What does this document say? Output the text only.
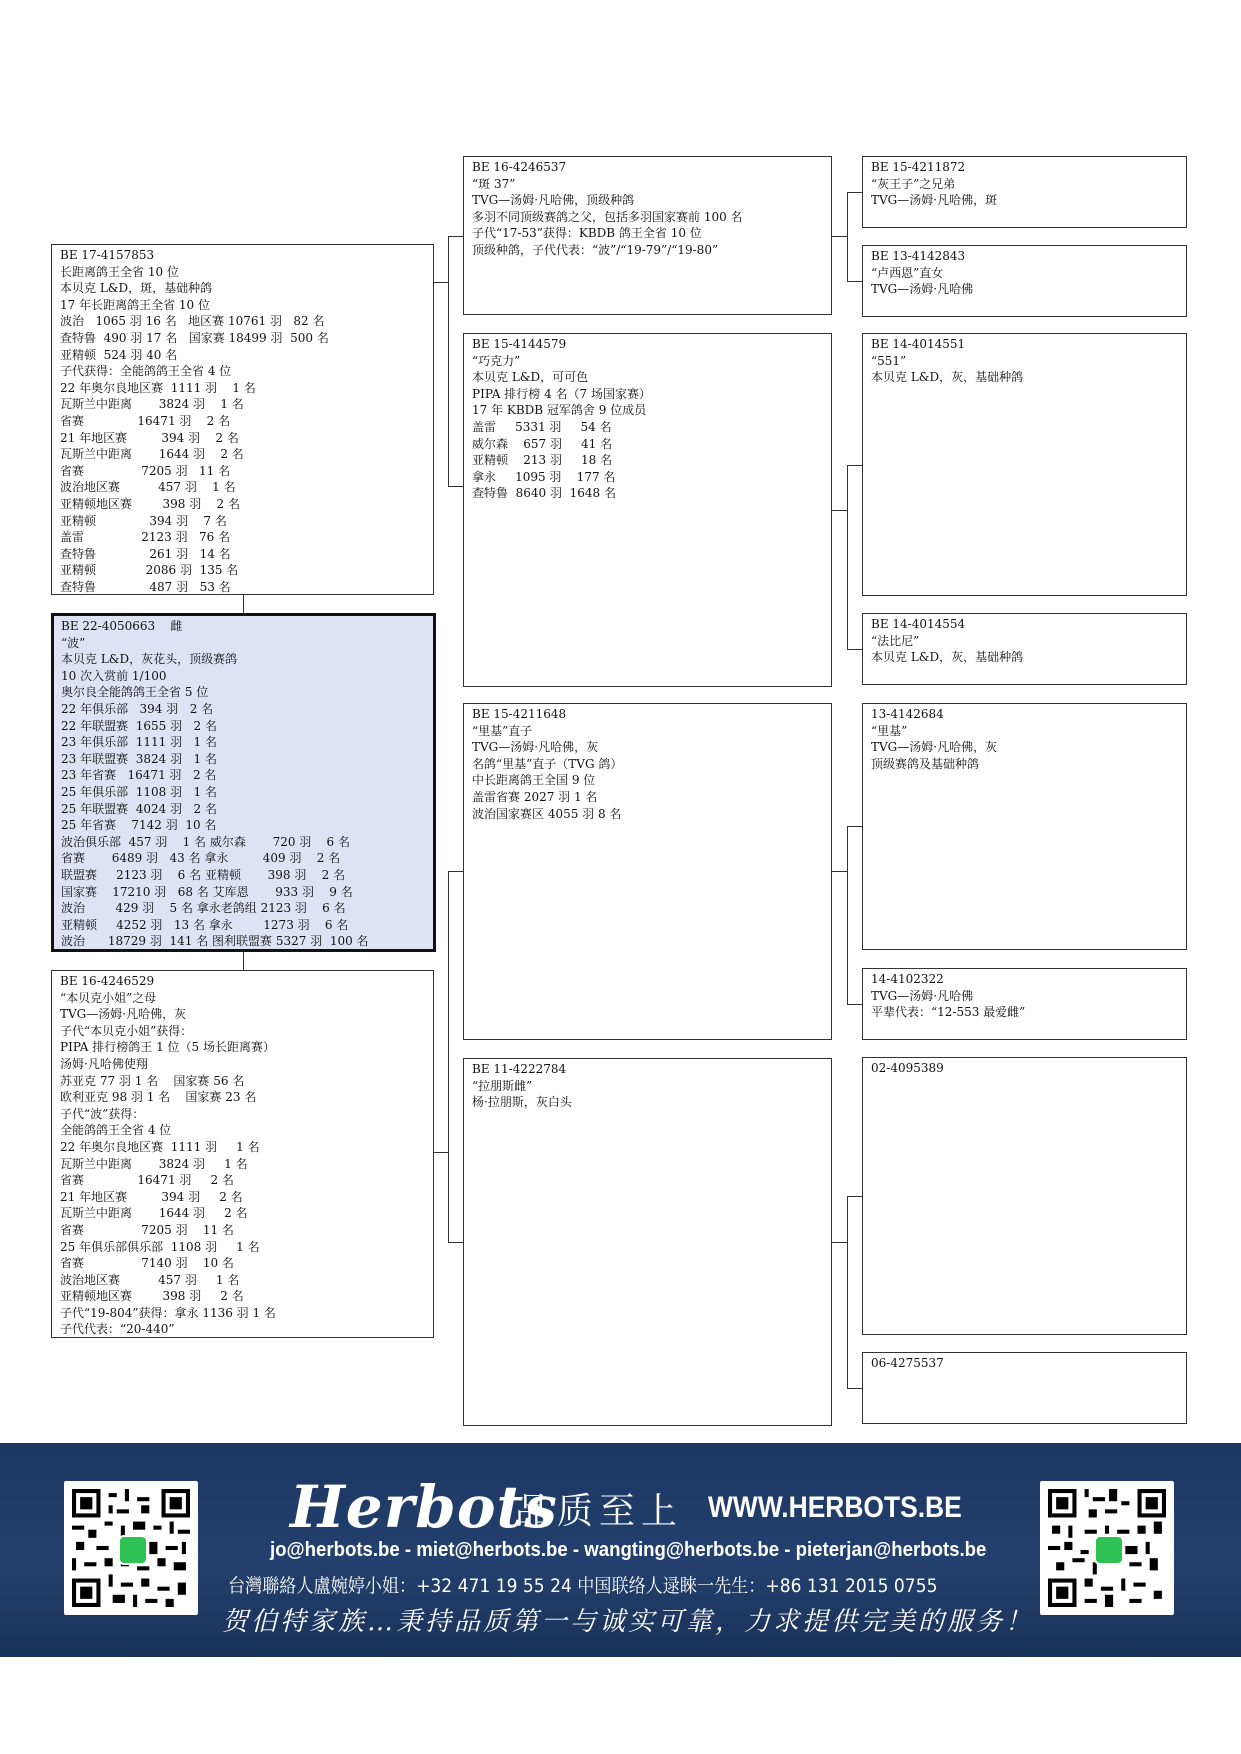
BE 17-4157853
长距离鸽王全省 10 位
本贝克 L&D，斑，基础种鸽
17 年长距离鸽王全省 10 位
波治   1065 羽 16 名   地区赛 10761 羽   82 名
查特鲁  490 羽 17 名   国家赛 18499 羽  500 名
亚精顿  524 羽 40 名
子代获得：全能鸽鸽王全省 4 位
22 年奥尔良地区赛  1111 羽    1 名
瓦斯兰中距离       3824 羽    1 名
省赛              16471 羽    2 名
21 年地区赛         394 羽    2 名
瓦斯兰中距离       1644 羽    2 名
省赛               7205 羽   11 名
波治地区赛          457 羽    1 名
亚精顿地区赛        398 羽    2 名
亚精顿              394 羽    7 名
盖雷               2123 羽   76 名
查特鲁              261 羽   14 名
亚精顿             2086 羽  135 名
查特鲁              487 羽   53 名
BE 22-4050663    雌
“波”
本贝克 L&D，灰花头，顶级赛鸽
10 次入赏前 1/100
奥尔良全能鸽鸽王全省 5 位
22 年俱乐部   394 羽   2 名
22 年联盟赛  1655 羽   2 名
23 年俱乐部  1111 羽   1 名
23 年联盟赛  3824 羽   1 名
23 年省赛   16471 羽   2 名
25 年俱乐部  1108 羽   1 名
25 年联盟赛  4024 羽   2 名
25 年省赛    7142 羽  10 名
波治俱乐部  457 羽    1 名 威尔森       720 羽    6 名
省赛       6489 羽   43 名 拿永         409 羽    2 名
联盟赛     2123 羽    6 名 亚精顿       398 羽    2 名
国家赛    17210 羽   68 名 艾库恩       933 羽    9 名
波治        429 羽    5 名 拿永老鸽组 2123 羽    6 名
亚精顿     4252 羽   13 名 拿永        1273 羽    6 名
波治      18729 羽  141 名 图利联盟赛 5327 羽  100 名
BE 16-4246529
“本贝克小姐”之母
TVG—汤姆·凡哈佛，灰
子代“本贝克小姐”获得：
PIPA 排行榜鸽王 1 位（5 场长距离赛）
汤姆·凡哈佛使翔
苏亚克 77 羽 1 名    国家赛 56 名
欧利亚克 98 羽 1 名    国家赛 23 名
子代“波”获得：
全能鸽鸽王全省 4 位
22 年奥尔良地区赛  1111 羽     1 名
瓦斯兰中距离       3824 羽     1 名
省赛              16471 羽     2 名
21 年地区赛         394 羽     2 名
瓦斯兰中距离       1644 羽     2 名
省赛               7205 羽    11 名
25 年俱乐部俱乐部  1108 羽     1 名
省赛               7140 羽    10 名
波治地区赛          457 羽     1 名
亚精顿地区赛        398 羽     2 名
子代“19-804”获得：拿永 1136 羽 1 名
子代代表：“20-440”
BE 16-4246537
“斑 37”
TVG—汤姆·凡哈佛，顶级种鸽
多羽不同顶级赛鸽之父，包括多羽国家赛前 100 名
子代“17-53”获得：KBDB 鸽王全省 10 位
顶级种鸽，子代代表：“波”/“19-79”/“19-80”
BE 15-4144579
“巧克力”
本贝克 L&D，可可色
PIPA 排行榜 4 名（7 场国家赛）
17 年 KBDB 冠军鸽舍 9 位成员
盖雷     5331 羽     54 名
威尔森    657 羽     41 名
亚精顿    213 羽     18 名
拿永     1095 羽    177 名
查特鲁  8640 羽  1648 名
BE 15-4211648
“里基”直子
TVG—汤姆·凡哈佛，灰
名鸽“里基”直子（TVG 鸽）
中长距离鸽王全国 9 位
盖雷省赛 2027 羽 1 名
波治国家赛区 4055 羽 8 名
BE 11-4222784
“拉朋斯雌”
杨·拉朋斯，灰白头
BE 15-4211872
“灰王子”之兄弟
TVG—汤姆·凡哈佛，斑
BE 13-4142843
“卢西恩”直女
TVG—汤姆·凡哈佛
BE 14-4014551
“551”
本贝克 L&D，灰，基础种鸽
BE 14-4014554
“法比尼”
本贝克 L&D，灰，基础种鸽
13-4142684
“里基”
TVG—汤姆·凡哈佛，灰
顶级赛鸽及基础种鸽
14-4102322
TVG—汤姆·凡哈佛
平辈代表：“12-553 最爱雌”
02-4095389
06-4275537
Herbots
品质至上 WWW.HERBOTS.BE
jo@herbots.be - miet@herbots.be - wangting@herbots.be - pieterjan@herbots.be
台灣聯絡人盧婉婷小姐：+32 471 19 55 24 中国联络人逯睞一先生：+86 131 2015 0755
贺伯特家族…秉持品质第一与诚实可靠，力求提供完美的服务！
